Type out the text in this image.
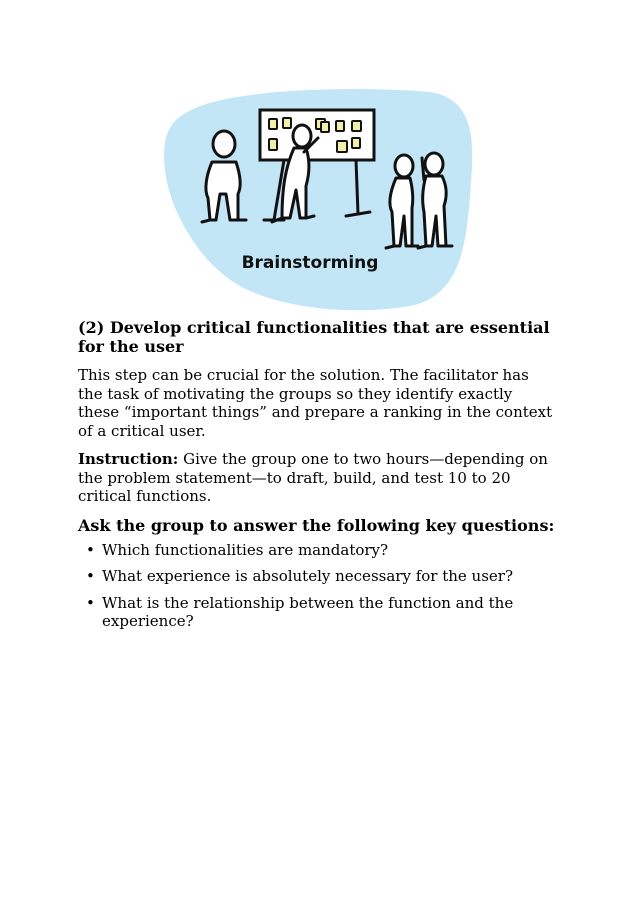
Brainstorming
(2) Develop critical functionalities that are essential for the user

This step can be crucial for the solution. The facilitator has the task of motivating the groups so they identify exactly these “important things” and prepare a ranking in the context of a critical user.

Instruction: Give the group one to two hours—depending on the problem statement—to draft, build, and test 10 to 20 critical functions.

Ask the group to answer the following key questions:
• Which functionalities are mandatory?
• What experience is absolutely necessary for the user?
• What is the relationship between the function and the experience?
